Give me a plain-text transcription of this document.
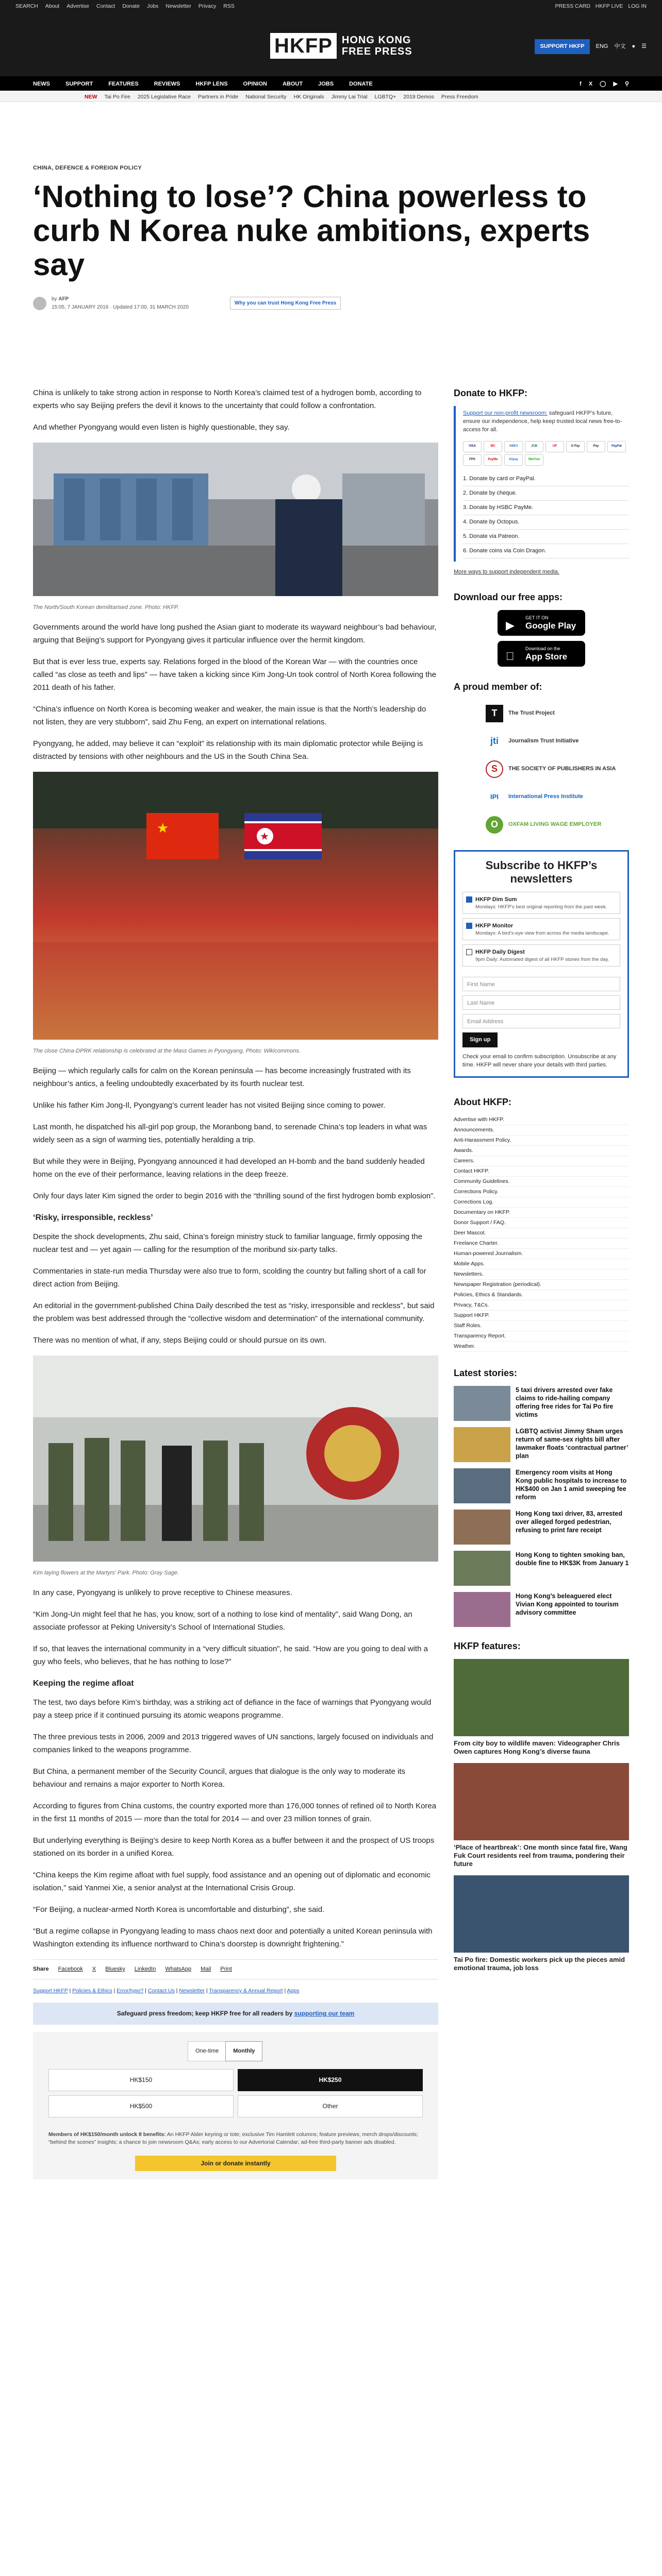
SEARCH About Advertise Contact Donate Jobs Newsletter Privacy RSS	PRESS CARD HKFP LIVE LOG IN
HKFP HONG KONG
FREE PRESS	SUPPORT HKFP	ENG 中文 ● ☰
NEWS	SUPPORT	FEATURES	REVIEWS	HKFP LENS	OPINION	ABOUT	JOBS	DONATE	f X ◯ ▶ ⚲
NEW Tai Po Fire 2025 Legislative Race Partners in Pride National Security HK Originals Jimmy Lai Trial LGBTQ+ 2019 Demos Press Freedom
CHINA, DEFENCE & FOREIGN POLICY
‘Nothing to lose’? China powerless to curb N Korea nuke ambitions, experts say
by AFP
15:05, 7 JANUARY 2016 · Updated 17:00, 31 MARCH 2020
Why you can trust Hong Kong Free Press

China is unlikely to take strong action in response to North Korea’s claimed test of a hydrogen bomb, according to experts who say Beijing prefers the devil it knows to the uncertainty that could follow a confrontation.

And whether Pyongyang would even listen is highly questionable, they say.

The North/South Korean demilitarised zone. Photo: HKFP.

Governments around the world have long pushed the Asian giant to moderate its wayward neighbour’s bad behaviour, arguing that Beijing’s support for Pyongyang gives it particular influence over the hermit kingdom.

But that is ever less true, experts say. Relations forged in the blood of the Korean War — with the countries once called “as close as teeth and lips” — have taken a kicking since Kim Jong-Un took control of North Korea following the 2011 death of his father.

“China’s influence on North Korea is becoming weaker and weaker, the main issue is that the North’s leadership do not listen, they are very stubborn”, said Zhu Feng, an expert on international relations.

Pyongyang, he added, may believe it can “exploit” its relationship with its main diplomatic protector while Beijing is distracted by tensions with other neighbours and the US in the South China Sea.

★
★
The close China-DPRK relationship is celebrated at the Mass Games in Pyongyang. Photo: Wikicommons.

Beijing — which regularly calls for calm on the Korean peninsula — has become increasingly frustrated with its neighbour’s antics, a feeling undoubtedly exacerbated by its fourth nuclear test.

Unlike his father Kim Jong-Il, Pyongyang’s current leader has not visited Beijing since coming to power.

Last month, he dispatched his all-girl pop group, the Moranbong band, to serenade China’s top leaders in what was widely seen as a sign of warming ties, potentially heralding a trip.

But while they were in Beijing, Pyongyang announced it had developed an H-bomb and the band suddenly headed home on the eve of their performance, leaving relations in the deep freeze.

Only four days later Kim signed the order to begin 2016 with the “thrilling sound of the first hydrogen bomb explosion”.

‘Risky, irresponsible, reckless’

Despite the shock developments, Zhu said, China’s foreign ministry stuck to familiar language, firmly opposing the nuclear test and — yet again — calling for the resumption of the moribund six-party talks.

Commentaries in state-run media Thursday were also true to form, scolding the country but falling short of a call for direct action from Beijing.

An editorial in the government-published China Daily described the test as “risky, irresponsible and reckless”, but said the problem was best addressed through the “collective wisdom and determination” of the international community.

There was no mention of what, if any, steps Beijing could or should pursue on its own.

Kim laying flowers at the Martyrs’ Park. Photo: Gray Sage.

In any case, Pyongyang is unlikely to prove receptive to Chinese measures.

“Kim Jong-Un might feel that he has, you know, sort of a nothing to lose kind of mentality”, said Wang Dong, an associate professor at Peking University’s School of International Studies.

If so, that leaves the international community in a “very difficult situation”, he said. “How are you going to deal with a guy who feels, who believes, that he has nothing to lose?”

Keeping the regime afloat

The test, two days before Kim’s birthday, was a striking act of defiance in the face of warnings that Pyongyang would pay a steep price if it continued pursuing its atomic weapons programme.

The three previous tests in 2006, 2009 and 2013 triggered waves of UN sanctions, largely focused on individuals and companies linked to the weapons programme.

But China, a permanent member of the Security Council, argues that dialogue is the only way to moderate its behaviour and remains a major exporter to North Korea.

According to figures from China customs, the country exported more than 176,000 tonnes of refined oil to North Korea in the first 11 months of 2015 — more than the total for 2014 — and over 23 million tonnes of grain.

But underlying everything is Beijing’s desire to keep North Korea as a buffer between it and the prospect of US troops stationed on its border in a unified Korea.

“China keeps the Kim regime afloat with fuel supply, food assistance and an opening out of diplomatic and economic isolation,” said Yanmei Xie, a senior analyst at the International Crisis Group.

“For Beijing, a nuclear-armed North Korea is uncomfortable and disturbing”, she said.

“But a regime collapse in Pyongyang leading to mass chaos next door and potentially a united Korean peninsula with Washington extending its influence northward to China’s doorstep is downright frightening.”

Share Facebook X Bluesky LinkedIn WhatsApp Mail Print
Support HKFP | Policies & Ethics | Error/typo? | Contact Us | Newsletter | Transparency & Annual Report | Apps
Safeguard press freedom; keep HKFP free for all readers by supporting our team
One-time	Monthly
HK$150	HK$250
HK$500	Other
Members of HK$150/month unlock 8 benefits: An HKFP Alder keyring or tote; exclusive Tim Hamlett columns; feature previews; merch drops/discounts; “behind the scenes” insights; a chance to join newsroom Q&As; early access to our Advertorial Calendar; ad-free third-party banner ads disabled.
Join or donate instantly
Donate to HKFP:

Support our non-profit newsroom: safeguard HKFP’s future, ensure our independence, help keep trusted local news free-to-access for all.

VISA	MC	AMEX	JCB	UP	G Pay	Pay	PayPal
FPS	PayMe	Alipay	WeChat
1. Donate by card or PayPal.
2. Donate by cheque.
3. Donate by HSBC PayMe.
4. Donate by Octopus.
5. Donate via Patreon.
6. Donate coins via Coin Dragon.

More ways to support independent media.

Download our free apps:
▶
GET IT ON
Google Play
Download on the
App Store
A proud member of:
T	The Trust Project
jti	Journalism Trust Initiative
S	THE SOCIETY OF PUBLISHERS IN ASIA
IPI	International Press Institute
O	OXFAM LIVING WAGE EMPLOYER
Subscribe to HKFP’s newsletters
HKFP Dim Sum
Mondays: HKFP’s best original reporting from the past week.
HKFP Monitor
Mondays: A bird’s-eye view from across the media landscape.
HKFP Daily Digest
9pm Daily: Automated digest of all HKFP stories from the day.
First Name
Last Name
Email Address
Sign up

Check your email to confirm subscription. Unsubscribe at any time. HKFP will never share your details with third parties.

About HKFP:
Advertise with HKFP.
Announcements.
Anti-Harassment Policy.
Awards.
Careers.
Contact HKFP.
Community Guidelines.
Corrections Policy.
Corrections Log.
Documentary on HKFP.
Donor Support / FAQ.
Deer Mascot.
Freelance Charter.
Human-powered Journalism.
Mobile Apps.
Newsletters.
Newspaper Registration (periodical).
Policies, Ethics & Standards.
Privacy, T&Cs.
Support HKFP.
Staff Roles.
Transparency Report.
Weather.
Latest stories:
5 taxi drivers arrested over fake claims to ride-hailing company offering free rides for Tai Po fire victims
LGBTQ activist Jimmy Sham urges return of same-sex rights bill after lawmaker floats ‘contractual partner’ plan
Emergency room visits at Hong Kong public hospitals to increase to HK$400 on Jan 1 amid sweeping fee reform
Hong Kong taxi driver, 83, arrested over alleged forged pedestrian, refusing to print fare receipt
Hong Kong to tighten smoking ban, double fine to HK$3K from January 1
Hong Kong’s beleaguered elect Vivian Kong appointed to tourism advisory committee
HKFP features:
From city boy to wildlife maven: Videographer Chris Owen captures Hong Kong’s diverse fauna
‘Place of heartbreak’: One month since fatal fire, Wang Fuk Court residents reel from trauma, pondering their future
Tai Po fire: Domestic workers pick up the pieces amid emotional trauma, job loss
